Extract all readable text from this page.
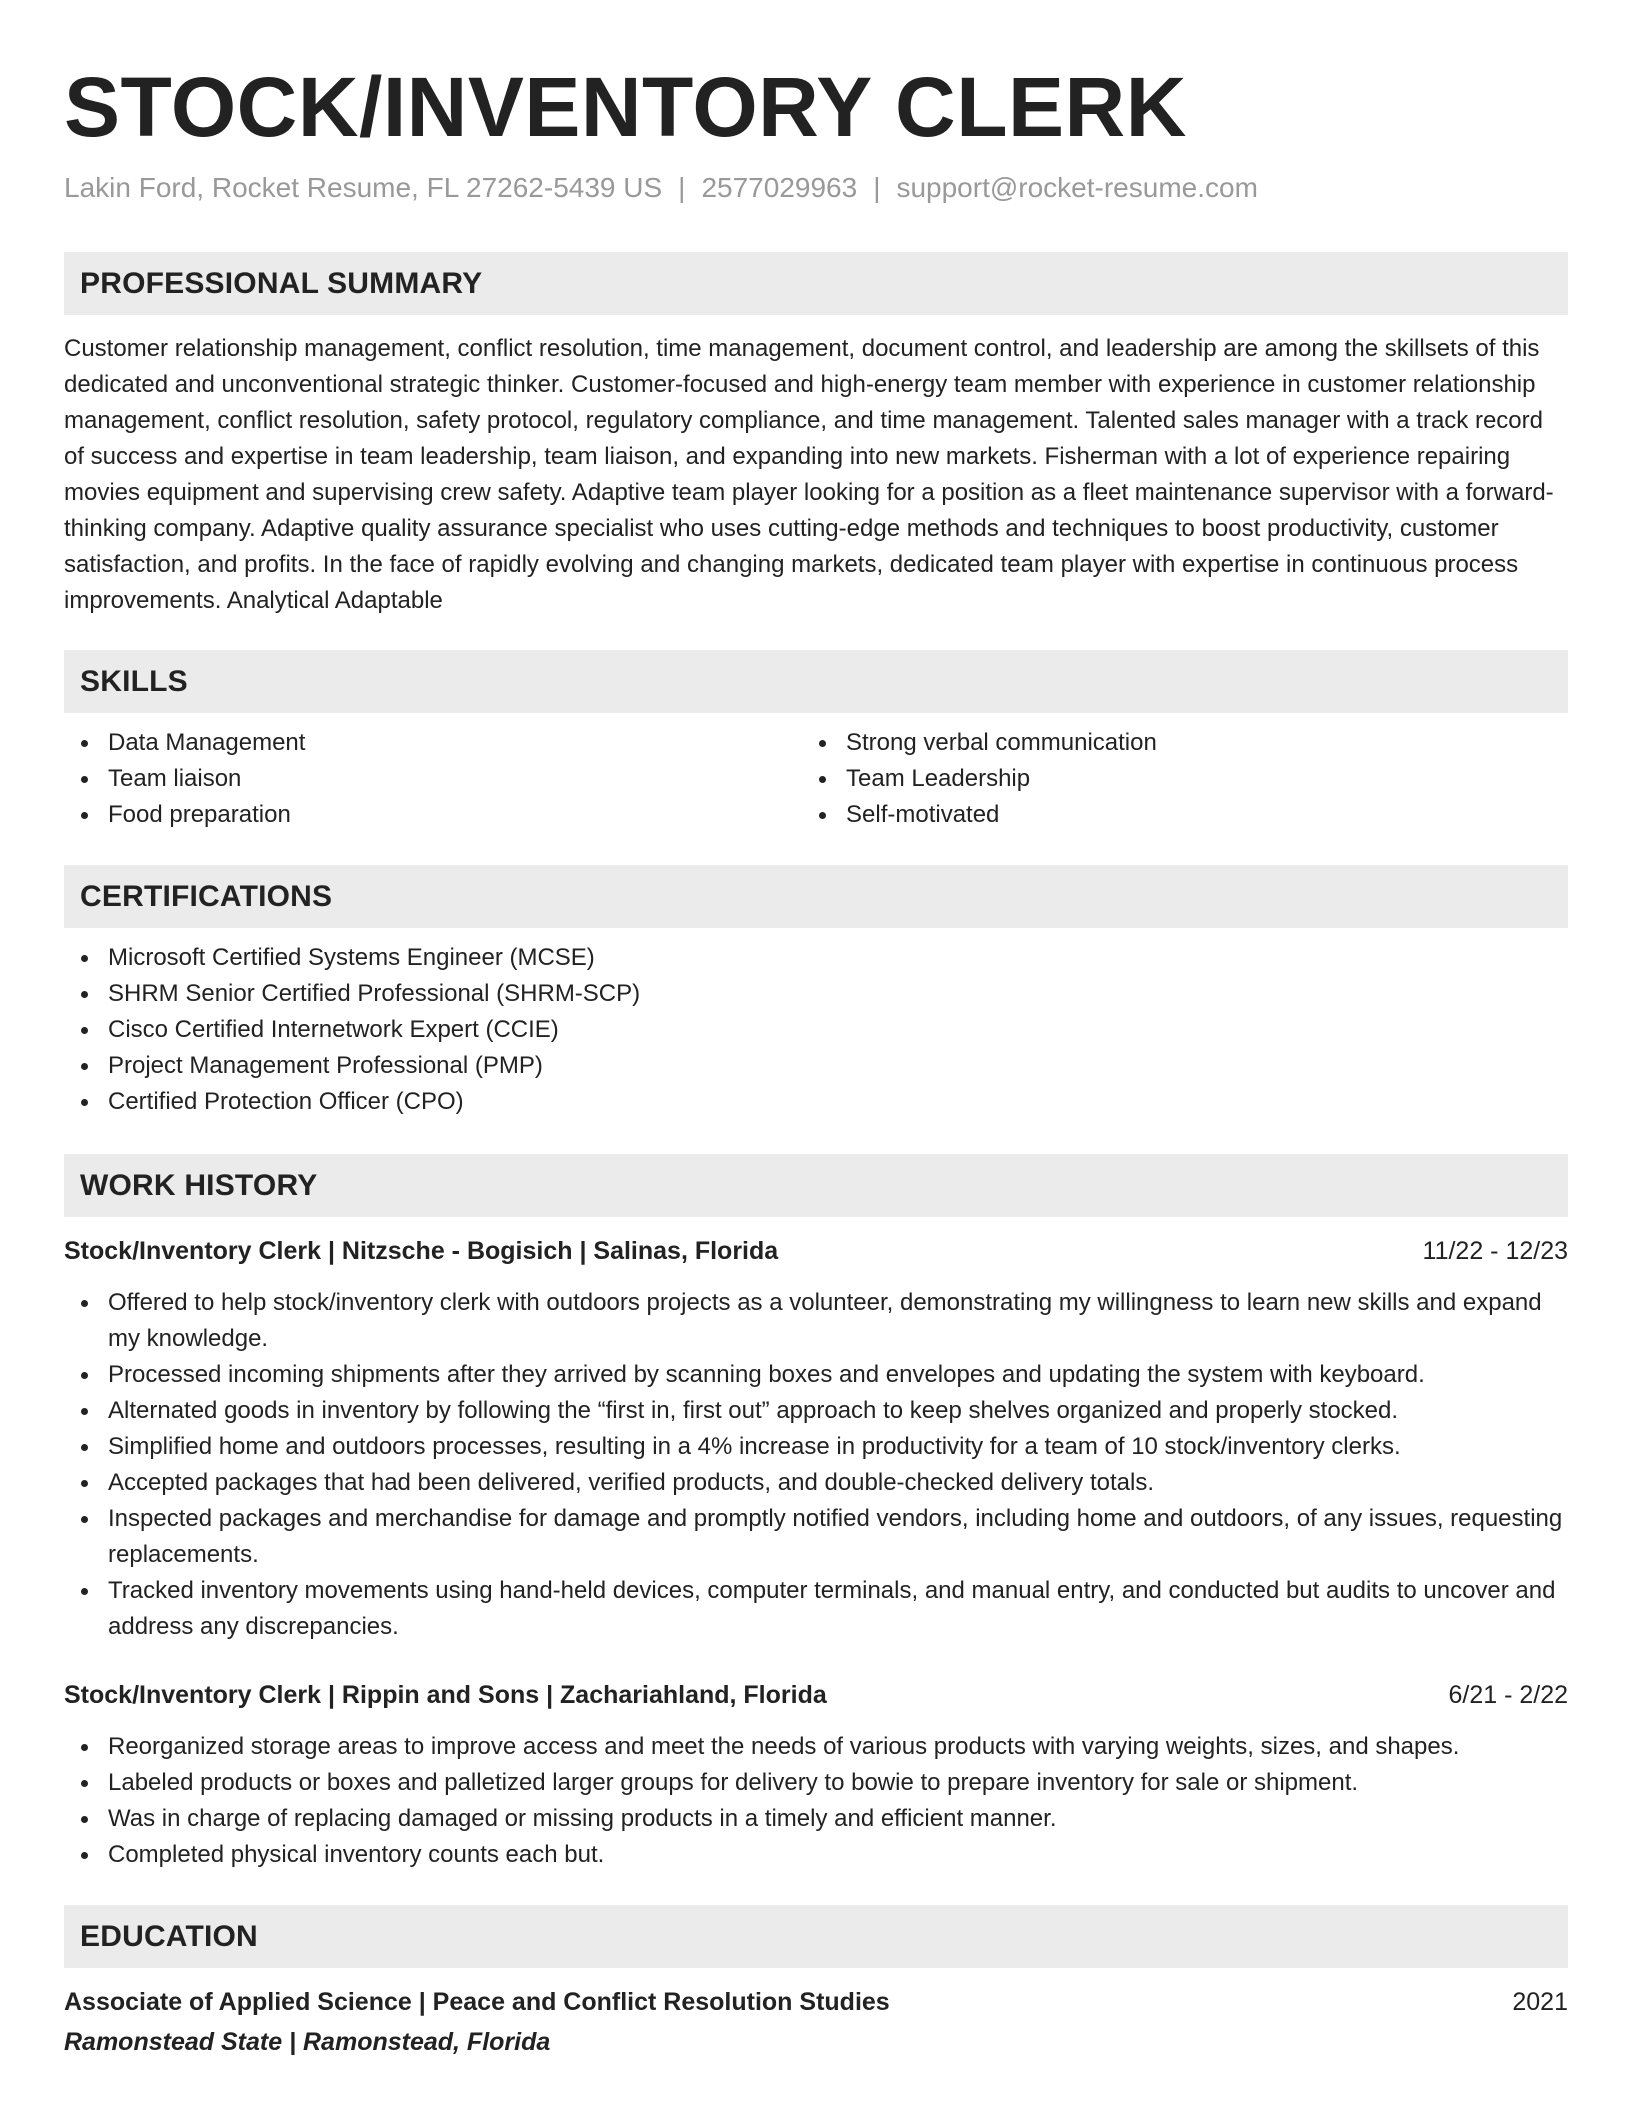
STOCK/INVENTORY CLERK
Lakin Ford, Rocket Resume, FL 27262-5439 US | 2577029963 | support@rocket-resume.com
PROFESSIONAL SUMMARY
Customer relationship management, conflict resolution, time management, document control, and leadership are among the skillsets of this dedicated and unconventional strategic thinker. Customer-focused and high-energy team member with experience in customer relationship management, conflict resolution, safety protocol, regulatory compliance, and time management. Talented sales manager with a track record of success and expertise in team leadership, team liaison, and expanding into new markets. Fisherman with a lot of experience repairing movies equipment and supervising crew safety. Adaptive team player looking for a position as a fleet maintenance supervisor with a forward-thinking company. Adaptive quality assurance specialist who uses cutting-edge methods and techniques to boost productivity, customer satisfaction, and profits. In the face of rapidly evolving and changing markets, dedicated team player with expertise in continuous process improvements. Analytical Adaptable
SKILLS
Data Management
Team liaison
Food preparation
Strong verbal communication
Team Leadership
Self-motivated
CERTIFICATIONS
Microsoft Certified Systems Engineer (MCSE)
SHRM Senior Certified Professional (SHRM-SCP)
Cisco Certified Internetwork Expert (CCIE)
Project Management Professional (PMP)
Certified Protection Officer (CPO)
WORK HISTORY
Stock/Inventory Clerk | Nitzsche - Bogisich | Salinas, Florida	11/22 - 12/23
Offered to help stock/inventory clerk with outdoors projects as a volunteer, demonstrating my willingness to learn new skills and expand my knowledge.
Processed incoming shipments after they arrived by scanning boxes and envelopes and updating the system with keyboard.
Alternated goods in inventory by following the “first in, first out” approach to keep shelves organized and properly stocked.
Simplified home and outdoors processes, resulting in a 4% increase in productivity for a team of 10 stock/inventory clerks.
Accepted packages that had been delivered, verified products, and double-checked delivery totals.
Inspected packages and merchandise for damage and promptly notified vendors, including home and outdoors, of any issues, requesting replacements.
Tracked inventory movements using hand-held devices, computer terminals, and manual entry, and conducted but audits to uncover and address any discrepancies.
Stock/Inventory Clerk | Rippin and Sons | Zachariahland, Florida	6/21 - 2/22
Reorganized storage areas to improve access and meet the needs of various products with varying weights, sizes, and shapes.
Labeled products or boxes and palletized larger groups for delivery to bowie to prepare inventory for sale or shipment.
Was in charge of replacing damaged or missing products in a timely and efficient manner.
Completed physical inventory counts each but.
EDUCATION
Associate of Applied Science | Peace and Conflict Resolution Studies	2021
Ramonstead State | Ramonstead, Florida
